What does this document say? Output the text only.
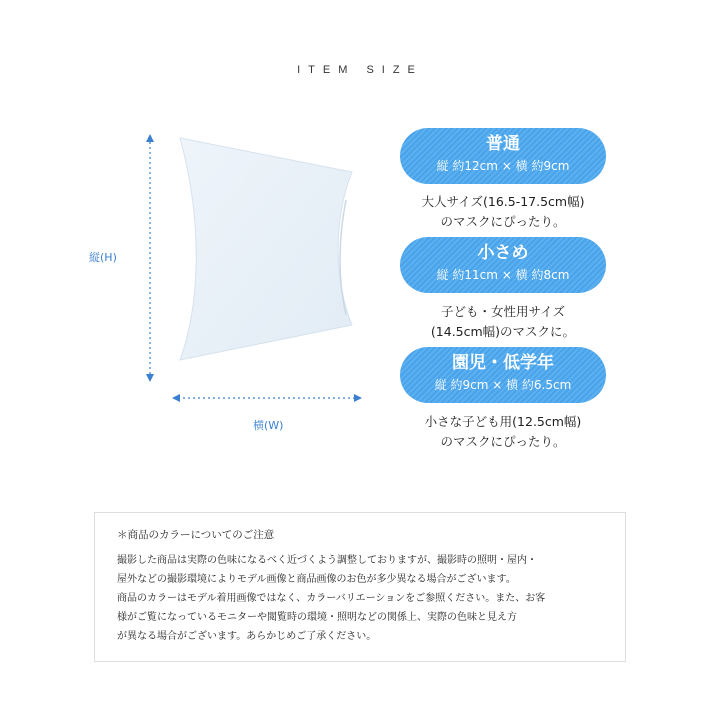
ITEM SIZE
縦(H)
横(W)
普通
縦 約12cm × 横 約9cm
大人サイズ(16.5-17.5cm幅)
のマスクにぴったり。
小さめ
縦 約11cm × 横 約8cm
子ども・女性用サイズ
(14.5cm幅)のマスクに。
園児・低学年
縦 約9cm × 横 約6.5cm
小さな子ども用(12.5cm幅)
のマスクにぴったり。
＊商品のカラーについてのご注意
撮影した商品は実際の色味になるべく近づくよう調整しておりますが、撮影時の照明・屋内・
屋外などの撮影環境によりモデル画像と商品画像のお色が多少異なる場合がございます。
商品のカラーはモデル着用画像ではなく、カラーバリエーションをご参照ください。また、お客
様がご覧になっているモニターや閲覧時の環境・照明などの関係上、実際の色味と見え方
が異なる場合がございます。あらかじめご了承ください。
